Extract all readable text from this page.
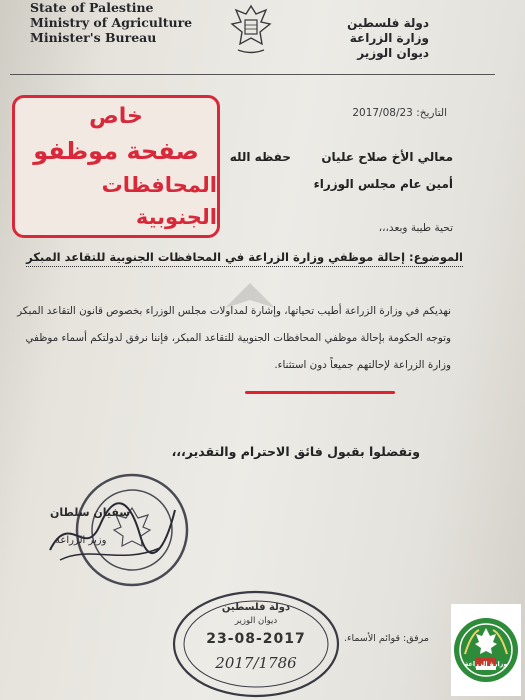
State of Palestine
Ministry of Agriculture
Minister's Bureau
دولة فلسطين
وزارة الزراعة
ديوان الوزير
خاص
صفحة موظفو
المحافظات الجنوبية
التاريخ: 2017/08/23
معالي الأخ صلاح عليان  حفظه الله
أمين عام مجلس الوزراء
تحية طيبة وبعد،،،
الموضوع: إحالة موظفي وزارة الزراعة في المحافظات الجنوبية للتقاعد المبكر

نهديكم في وزارة الزراعة أطيب تحياتها، وإشارة لمداولات مجلس الوزراء بخصوص قانون التقاعد المبكر

وتوجه الحكومة بإحالة موظفي المحافظات الجنوبية للتقاعد المبكر، فإننا نرفق لدولتكم أسماء موظفي

وزارة الزراعة لإحالتهم جميعاً دون استثناء.

وتفضلوا بقبول فائق الاحترام والتقدير،،،
سفيان سلطان
وزير الزراعة
دولة فلسطين
ديوان الوزير
23-08-2017
2017/1786
مرفق: قوائم الأسماء.
وزارة الزراعة
